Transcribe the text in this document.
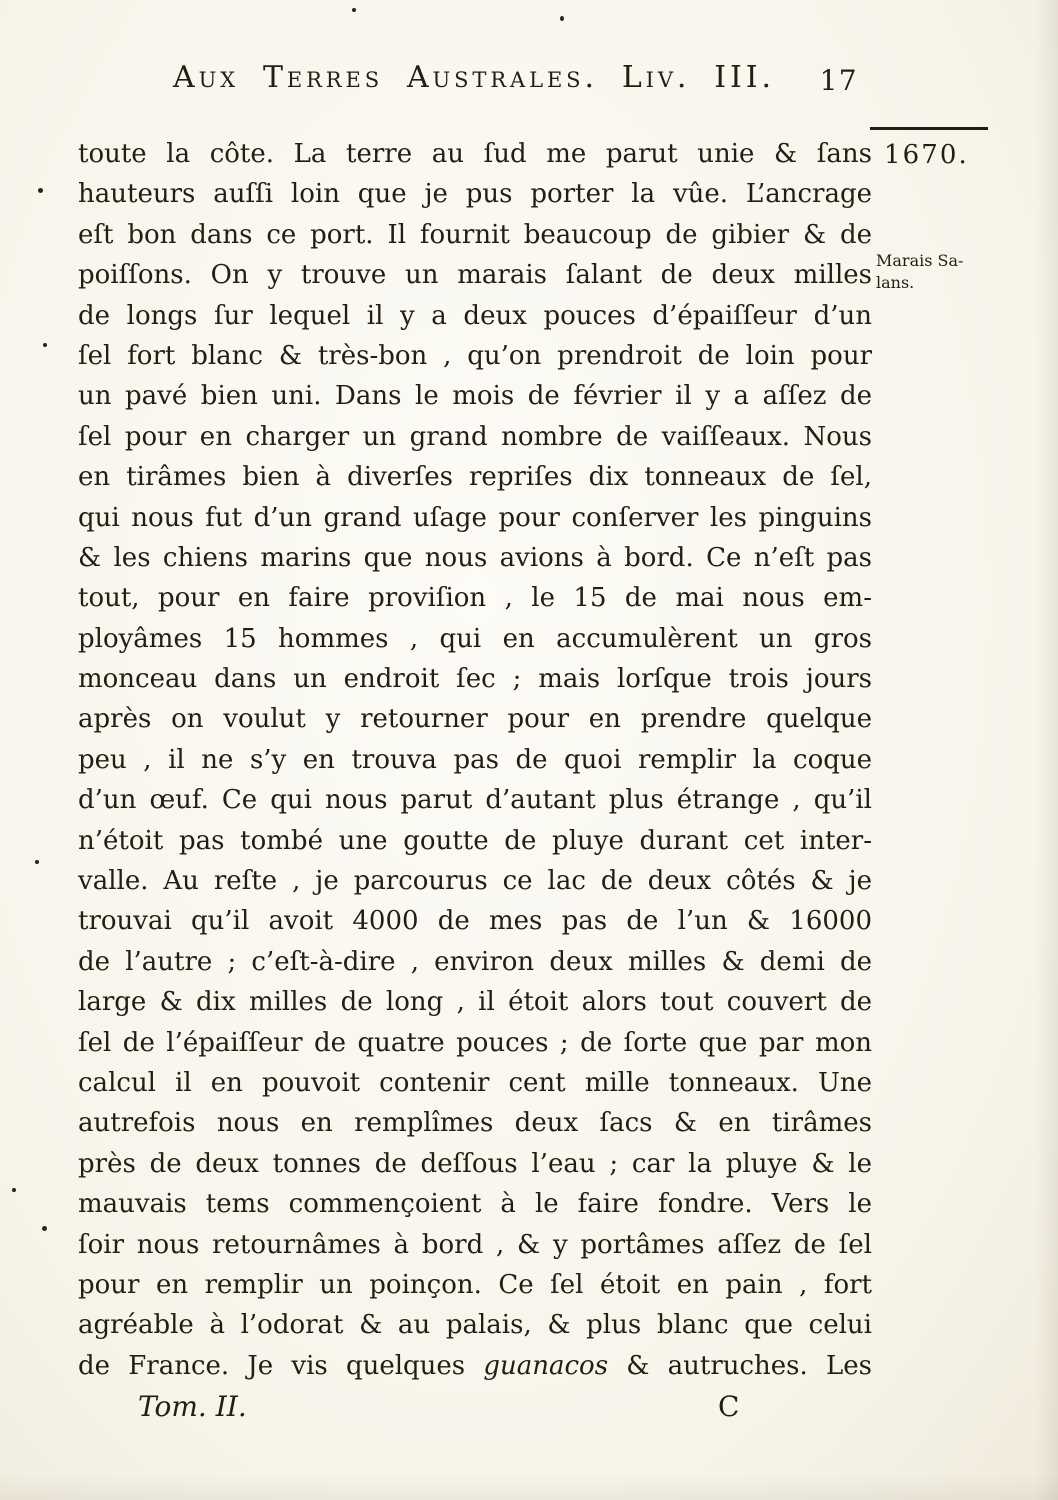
Aux Terres Australes. Liv. III.	17
1670.
Marais Sa-
lans.
toute la côte. La terre au ſud me parut unie & ſans
hauteurs auſſi loin que je pus porter la vûe. L’ancrage
eſt bon dans ce port. Il fournit beaucoup de gibier & de
poiſſons. On y trouve un marais ſalant de deux milles
de longs ſur lequel il y a deux pouces d’épaiſſeur d’un
ſel fort blanc & très-bon , qu’on prendroit de loin pour
un pavé bien uni. Dans le mois de février il y a aſſez de
ſel pour en charger un grand nombre de vaiſſeaux. Nous
en tirâmes bien à diverſes repriſes dix tonneaux de ſel,
qui nous fut d’un grand uſage pour conſerver les pinguins
& les chiens marins que nous avions à bord. Ce n’eſt pas
tout, pour en faire proviſion , le 15 de mai nous em-
ployâmes 15 hommes , qui en accumulèrent un gros
monceau dans un endroit ſec ; mais lorſque trois jours
après on voulut y retourner pour en prendre quelque
peu , il ne s’y en trouva pas de quoi remplir la coque
d’un œuf. Ce qui nous parut d’autant plus étrange , qu’il
n’étoit pas tombé une goutte de pluye durant cet inter-
valle. Au reſte , je parcourus ce lac de deux côtés & je
trouvai qu’il avoit 4000 de mes pas de l’un & 16000
de l’autre ; c’eſt-à-dire , environ deux milles & demi de
large & dix milles de long , il étoit alors tout couvert de
ſel de l’épaiſſeur de quatre pouces ; de ſorte que par mon
calcul il en pouvoit contenir cent mille tonneaux. Une
autrefois nous en remplîmes deux ſacs & en tirâmes
près de deux tonnes de deſſous l’eau ; car la pluye & le
mauvais tems commençoient à le faire fondre. Vers le
ſoir nous retournâmes à bord , & y portâmes aſſez de ſel
pour en remplir un poinçon. Ce ſel étoit en pain , fort
agréable à l’odorat & au palais, & plus blanc que celui
de France. Je vis quelques guanacos & autruches. Les
Tom. II.	C
